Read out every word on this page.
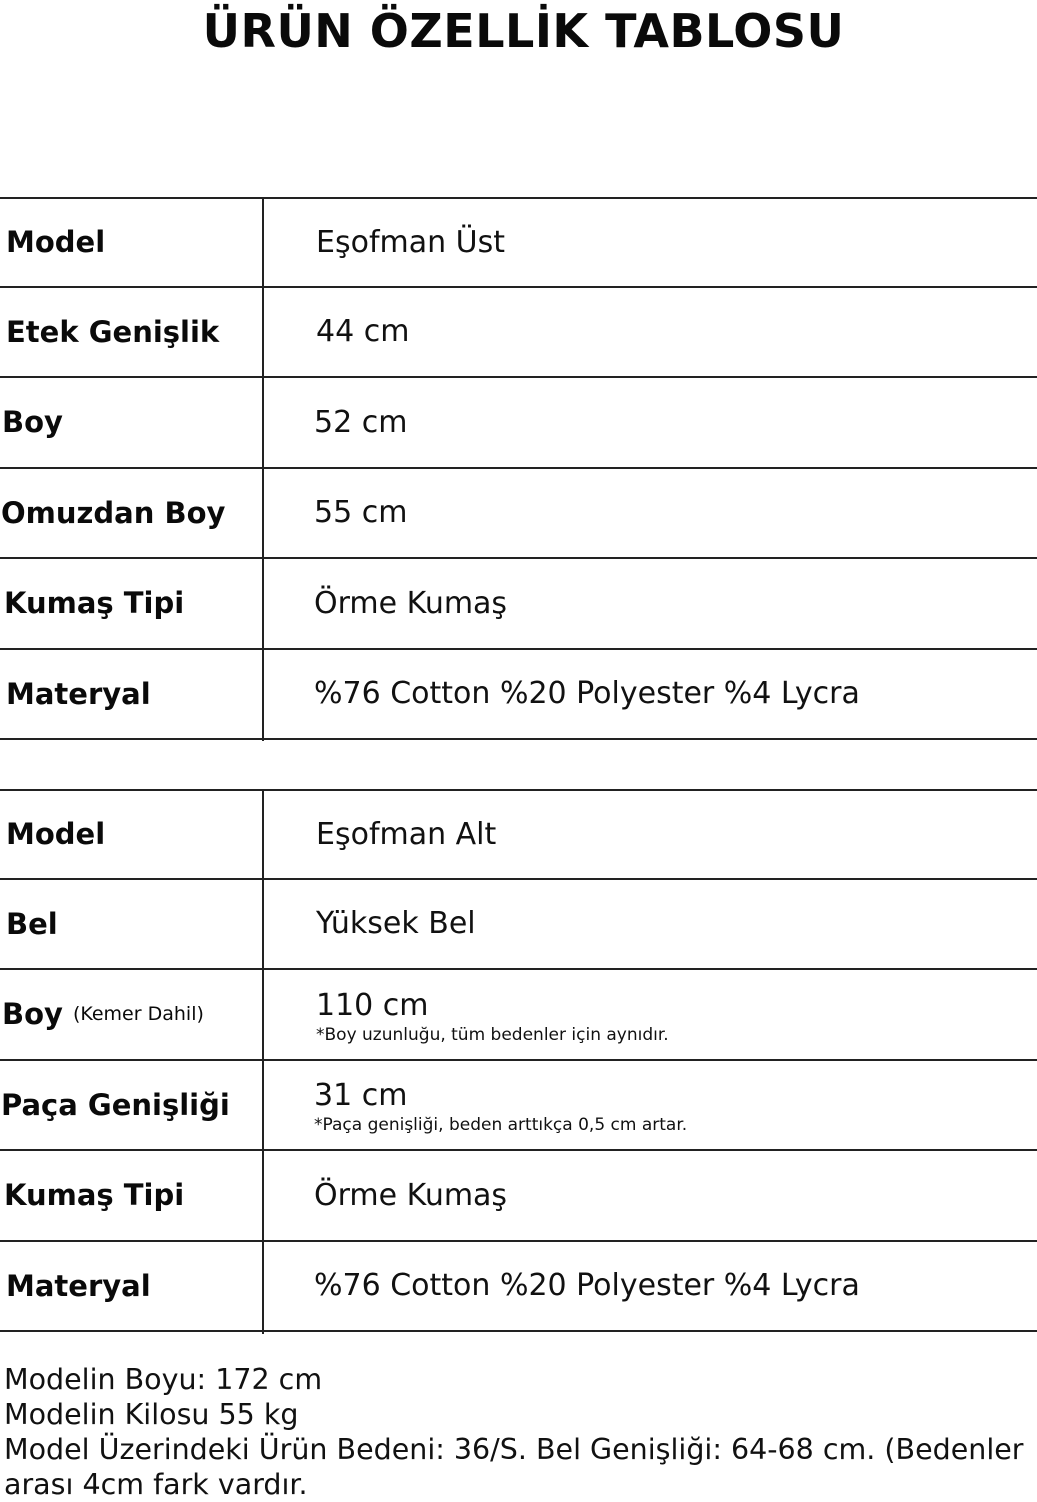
ÜRÜN ÖZELLİK TABLOSU
Model	Eşofman Üst
Etek Genişlik	44 cm
Boy	52 cm
Omuzdan Boy	55 cm
Kumaş Tipi	Örme Kumaş
Materyal	%76 Cotton %20 Polyester %4 Lycra
Model	Eşofman Alt
Bel	Yüksek Bel
Boy (Kemer Dahil)	110 cm
*Boy uzunluğu, tüm bedenler için aynıdır.
Paça Genişliği	31 cm
*Paça genişliği, beden arttıkça 0,5 cm artar.
Kumaş Tipi	Örme Kumaş
Materyal	%76 Cotton %20 Polyester %4 Lycra
Modelin Boyu: 172 cm
Modelin Kilosu 55 kg
Model Üzerindeki Ürün Bedeni: 36/S. Bel Genişliği: 64-68 cm. (Bedenler
arası 4cm fark vardır.
